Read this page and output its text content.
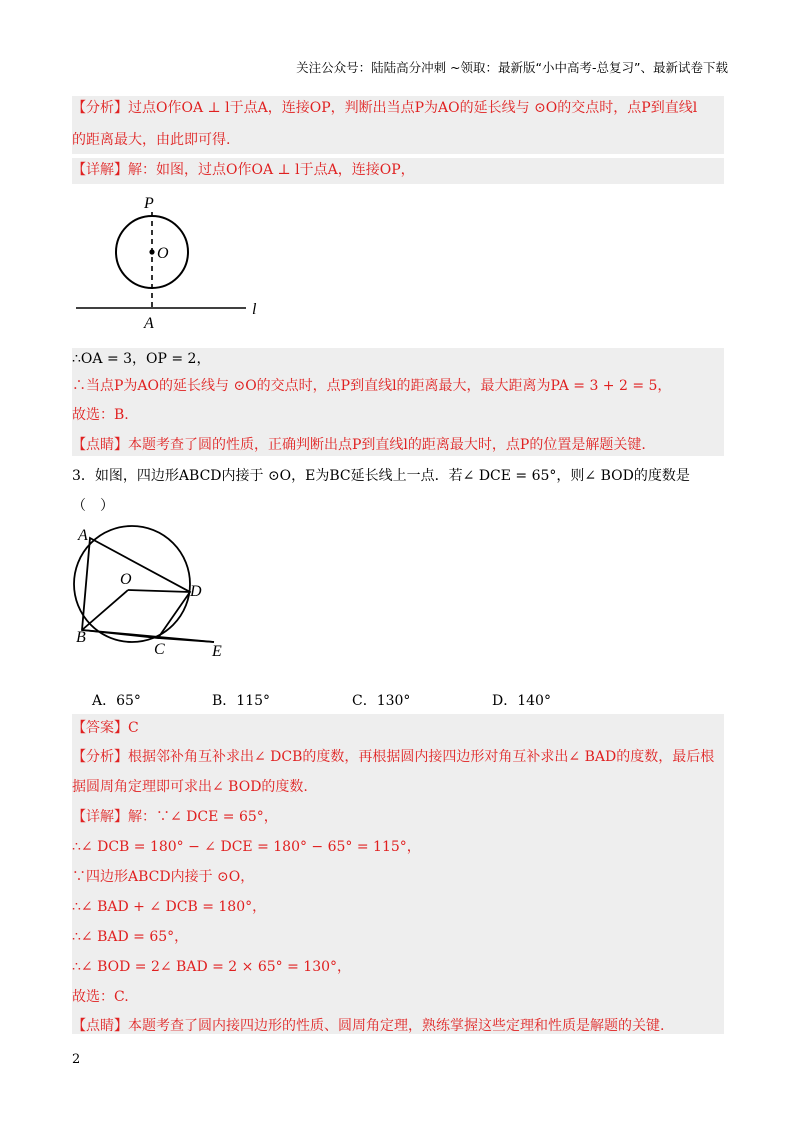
关注公众号：陆陆高分冲刺 ~领取：最新版“小中高考-总复习”、最新试卷下载
【分析】过点O作OA ⊥ l于点A，连接OP，判断出当点P为AO的延长线与 ⊙O的交点时，点P到直线l
的距离最大，由此即可得.
【详解】解：如图，过点O作OA ⊥ l于点A，连接OP，
P
O
A
l
∴OA = 3，OP = 2，
∴当点P为AO的延长线与 ⊙O的交点时，点P到直线l的距离最大，最大距离为PA = 3 + 2 = 5，
故选：B.
【点睛】本题考查了圆的性质，正确判断出点P到直线l的距离最大时，点P的位置是解题关键.
3．如图，四边形ABCD内接于 ⊙O，E为BC延长线上一点．若∠ DCE = 65°，则∠ BOD的度数是
（　）
A
O
D
B
C	E
A．65°	B．115°	C．130°	D．140°
【答案】C
【分析】根据邻补角互补求出∠ DCB的度数，再根据圆内接四边形对角互补求出∠ BAD的度数，最后根
据圆周角定理即可求出∠ BOD的度数.
【详解】解：∵∠ DCE = 65°，
∴∠ DCB = 180° − ∠ DCE = 180° − 65° = 115°，
∵四边形ABCD内接于 ⊙O，
∴∠ BAD + ∠ DCB = 180°，
∴∠ BAD = 65°，
∴∠ BOD = 2∠ BAD = 2 × 65° = 130°，
故选：C.
【点睛】本题考查了圆内接四边形的性质、圆周角定理，熟练掌握这些定理和性质是解题的关键.
2
